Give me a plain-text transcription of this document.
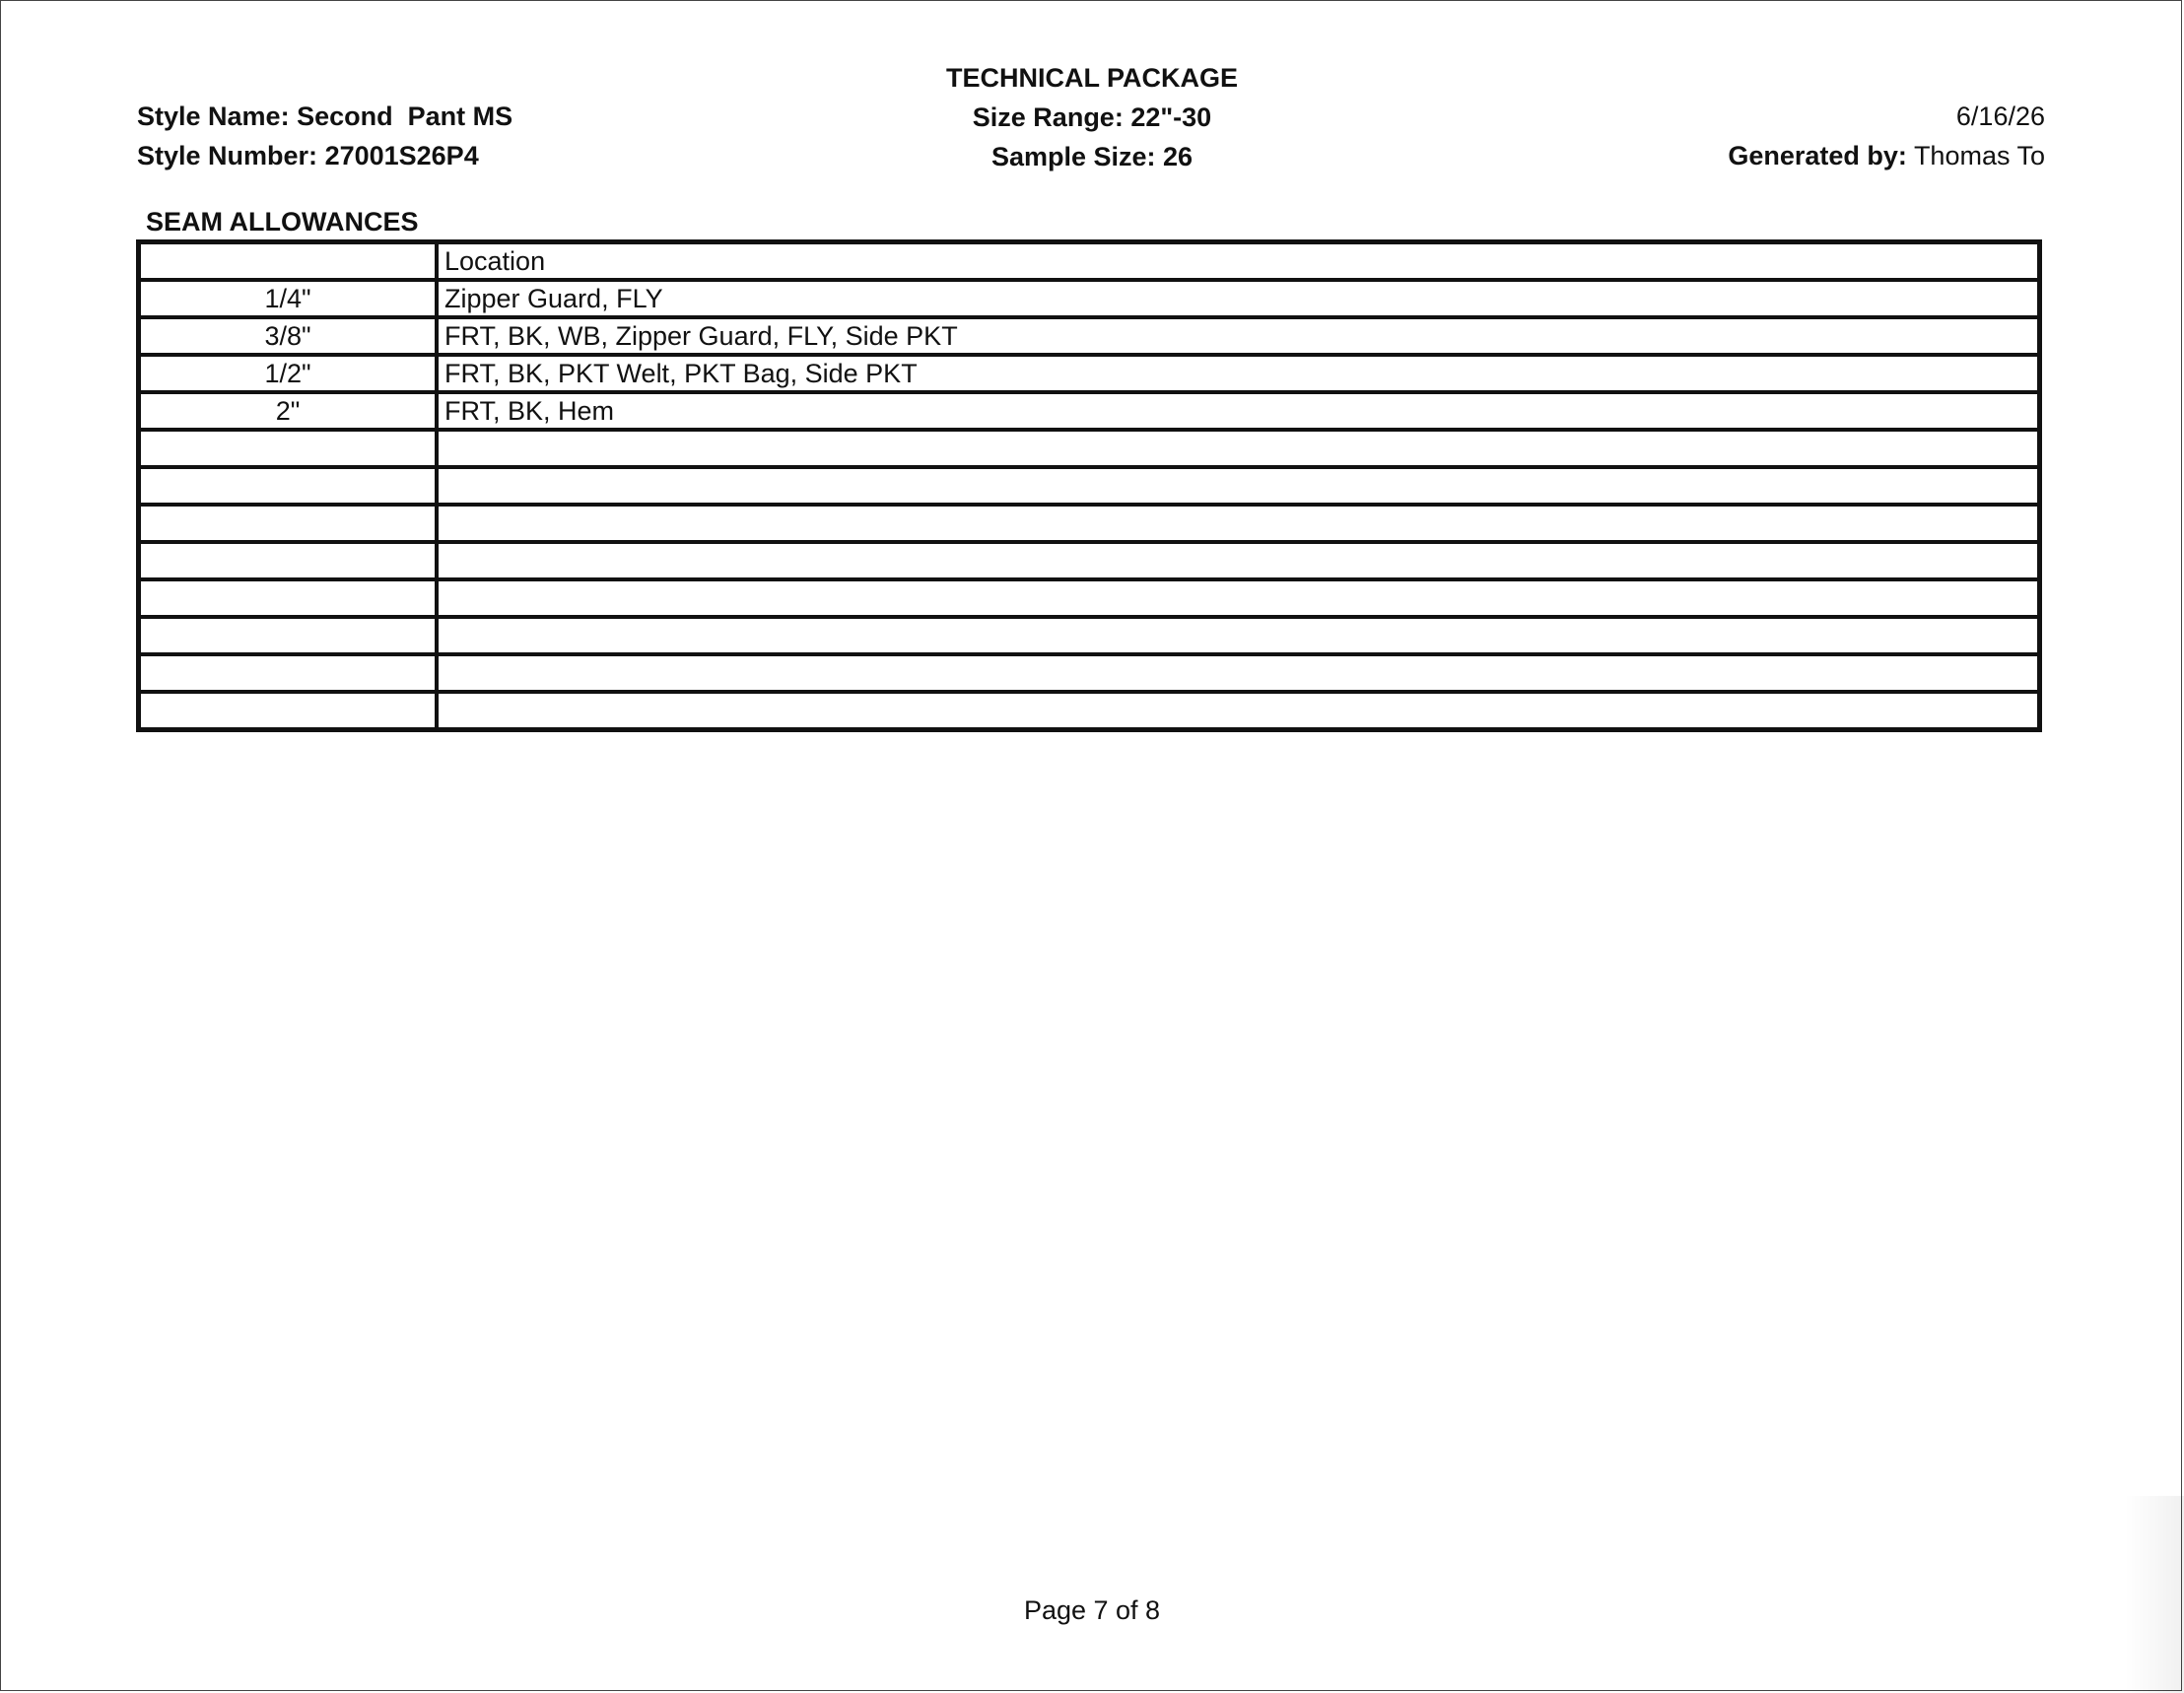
Style Name: Second  Pant MS
Style Number: 27001S26P4
TECHNICAL PACKAGE
Size Range: 22"-30
Sample Size: 26
6/16/26
Generated by: Thomas To
SEAM ALLOWANCES
	Location
1/4"	Zipper Guard, FLY
3/8"	FRT, BK, WB, Zipper Guard, FLY, Side PKT
1/2"	FRT, BK, PKT Welt, PKT Bag, Side PKT
2"	FRT, BK, Hem

Page 7 of 8
